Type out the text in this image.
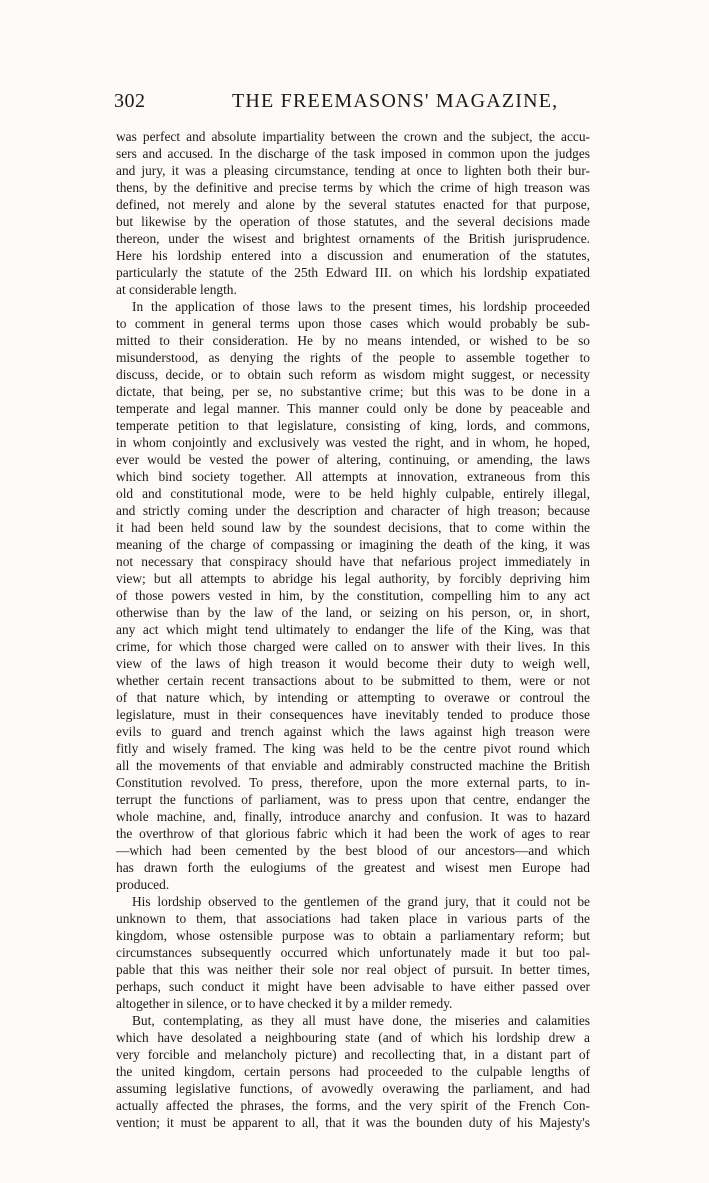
302	THE FREEMASONS' MAGAZINE,
was perfect and absolute impartiality between the crown and the subject, the accu-
sers and accused. In the discharge of the task imposed in common upon the judges
and jury, it was a pleasing circumstance, tending at once to lighten both their bur-
thens, by the definitive and precise terms by which the crime of high treason was
defined, not merely and alone by the several statutes enacted for that purpose,
but likewise by the operation of those statutes, and the several decisions made
thereon, under the wisest and brightest ornaments of the British jurisprudence.
Here his lordship entered into a discussion and enumeration of the statutes,
particularly the statute of the 25th Edward III. on which his lordship expatiated
at considerable length.
In the application of those laws to the present times, his lordship proceeded
to comment in general terms upon those cases which would probably be sub-
mitted to their consideration. He by no means intended, or wished to be so
misunderstood, as denying the rights of the people to assemble together to
discuss, decide, or to obtain such reform as wisdom might suggest, or necessity
dictate, that being, per se, no substantive crime; but this was to be done in a
temperate and legal manner. This manner could only be done by peaceable and
temperate petition to that legislature, consisting of king, lords, and commons,
in whom conjointly and exclusively was vested the right, and in whom, he hoped,
ever would be vested the power of altering, continuing, or amending, the laws
which bind society together. All attempts at innovation, extraneous from this
old and constitutional mode, were to be held highly culpable, entirely illegal,
and strictly coming under the description and character of high treason; because
it had been held sound law by the soundest decisions, that to come within the
meaning of the charge of compassing or imagining the death of the king, it was
not necessary that conspiracy should have that nefarious project immediately in
view; but all attempts to abridge his legal authority, by forcibly depriving him
of those powers vested in him, by the constitution, compelling him to any act
otherwise than by the law of the land, or seizing on his person, or, in short,
any act which might tend ultimately to endanger the life of the King, was that
crime, for which those charged were called on to answer with their lives. In this
view of the laws of high treason it would become their duty to weigh well,
whether certain recent transactions about to be submitted to them, were or not
of that nature which, by intending or attempting to overawe or controul the
legislature, must in their consequences have inevitably tended to produce those
evils to guard and trench against which the laws against high treason were
fitly and wisely framed. The king was held to be the centre pivot round which
all the movements of that enviable and admirably constructed machine the British
Constitution revolved. To press, therefore, upon the more external parts, to in-
terrupt the functions of parliament, was to press upon that centre, endanger the
whole machine, and, finally, introduce anarchy and confusion. It was to hazard
the overthrow of that glorious fabric which it had been the work of ages to rear
—which had been cemented by the best blood of our ancestors—and which
has drawn forth the eulogiums of the greatest and wisest men Europe had
produced.
His lordship observed to the gentlemen of the grand jury, that it could not be
unknown to them, that associations had taken place in various parts of the
kingdom, whose ostensible purpose was to obtain a parliamentary reform; but
circumstances subsequently occurred which unfortunately made it but too pal-
pable that this was neither their sole nor real object of pursuit. In better times,
perhaps, such conduct it might have been advisable to have either passed over
altogether in silence, or to have checked it by a milder remedy.
But, contemplating, as they all must have done, the miseries and calamities
which have desolated a neighbouring state (and of which his lordship drew a
very forcible and melancholy picture) and recollecting that, in a distant part of
the united kingdom, certain persons had proceeded to the culpable lengths of
assuming legislative functions, of avowedly overawing the parliament, and had
actually affected the phrases, the forms, and the very spirit of the French Con-
vention; it must be apparent to all, that it was the bounden duty of his Majesty's
